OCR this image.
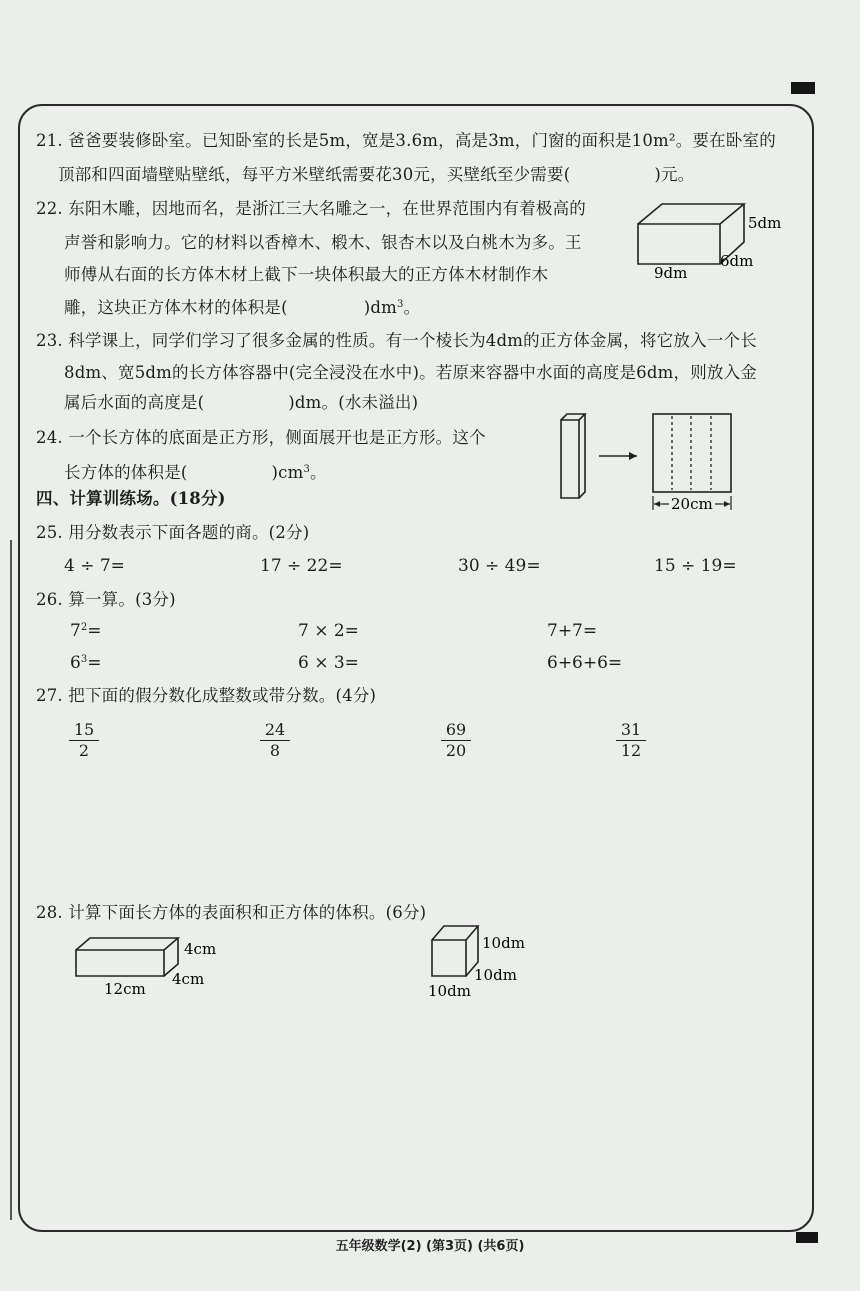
21. 爸爸要装修卧室。已知卧室的长是5m，宽是3.6m，高是3m，门窗的面积是10m²。要在卧室的
顶部和四面墙壁贴壁纸，每平方米壁纸需要花30元，买壁纸至少需要(	)元。
22. 东阳木雕，因地而名，是浙江三大名雕之一，在世界范围内有着极高的
声誉和影响力。它的材料以香樟木、椴木、银杏木以及白桃木为多。王
师傅从右面的长方体木材上截下一块体积最大的正方体木材制作木
雕，这块正方体木材的体积是(	)$dm^3$。
5dm
6dm
9dm
23. 科学课上，同学们学习了很多金属的性质。有一个棱长为4dm的正方体金属，将它放入一个长
8dm、宽5dm的长方体容器中(完全浸没在水中)。若原来容器中水面的高度是6dm，则放入金
属后水面的高度是(	)dm。(水未溢出)
24. 一个长方体的底面是正方形，侧面展开也是正方形。这个
长方体的体积是(	)$cm^3$。
20cm
四、计算训练场。(18分)
25. 用分数表示下面各题的商。(2分)
4 ÷ 7=	17 ÷ 22=	30 ÷ 49=	15 ÷ 19=
26. 算一算。(3分)
$7^2=$	7 × 2=	7+7=
$6^3=$	6 × 3=	6+6+6=
27. 把下面的假分数化成整数或带分数。(4分)
$\frac{15}{2}$	$\frac{24}{8}$	$\frac{69}{20}$	$\frac{31}{12}$
28. 计算下面长方体的表面积和正方体的体积。(6分)
4cm
4cm
12cm
10dm
10dm
10dm
五年级数学(2) (第3页) (共6页)
